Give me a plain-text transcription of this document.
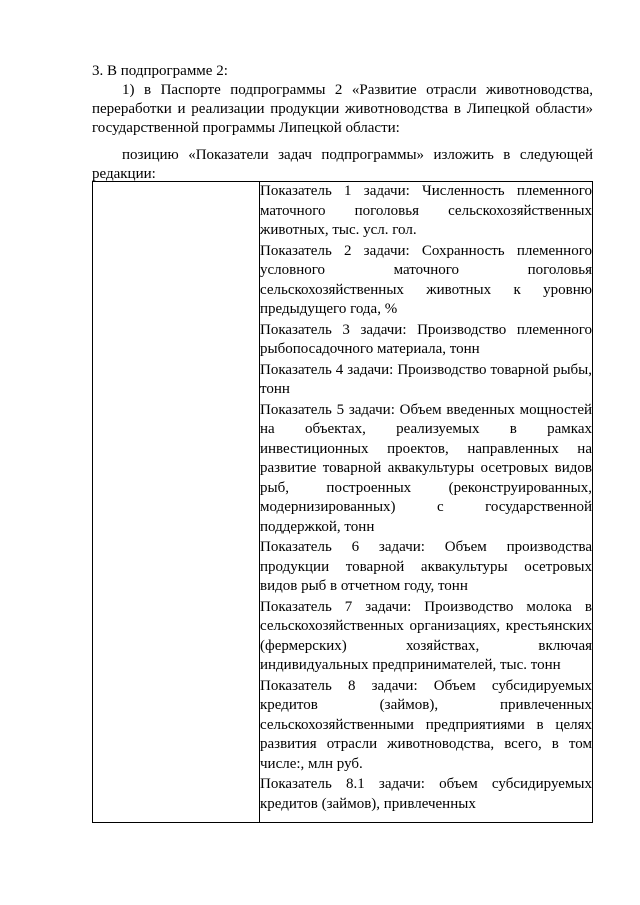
3. В подпрограмме 2:

1) в Паспорте подпрограммы 2 «Развитие отрасли животноводства, переработки и реализации продукции животноводства в Липецкой области» государственной программы Липецкой области:

позицию «Показатели задач подпрограммы» изложить в следующей редакции:

Показатель 1 задачи: Численность племенного маточного поголовья сельскохозяйственных животных, тыс. усл. гол.

Показатель 2 задачи: Сохранность племенного условного маточного поголовья сельскохозяйственных животных к уровню предыдущего года, %

Показатель 3 задачи: Производство племенного рыбопосадочного материала, тонн

Показатель 4 задачи: Производство товарной рыбы, тонн

Показатель 5 задачи: Объем введенных мощностей на объектах, реализуемых в рамках инвестиционных проектов, направленных на развитие товарной аквакультуры осетровых видов рыб, построенных (реконструированных, модернизированных) с государственной поддержкой, тонн

Показатель 6 задачи: Объем производства продукции товарной аквакультуры осетровых видов рыб в отчетном году, тонн

Показатель 7 задачи: Производство молока в сельскохозяйственных организациях, крестьянских (фермерских) хозяйствах, включая индивидуальных предпринимателей, тыс. тонн

Показатель 8 задачи: Объем субсидируемых кредитов (займов), привлеченных сельскохозяйственными предприятиями в целях развития отрасли животноводства, всего, в том числе:, млн руб.

Показатель 8.1 задачи: объем субсидируемых кредитов (займов), привлеченных
